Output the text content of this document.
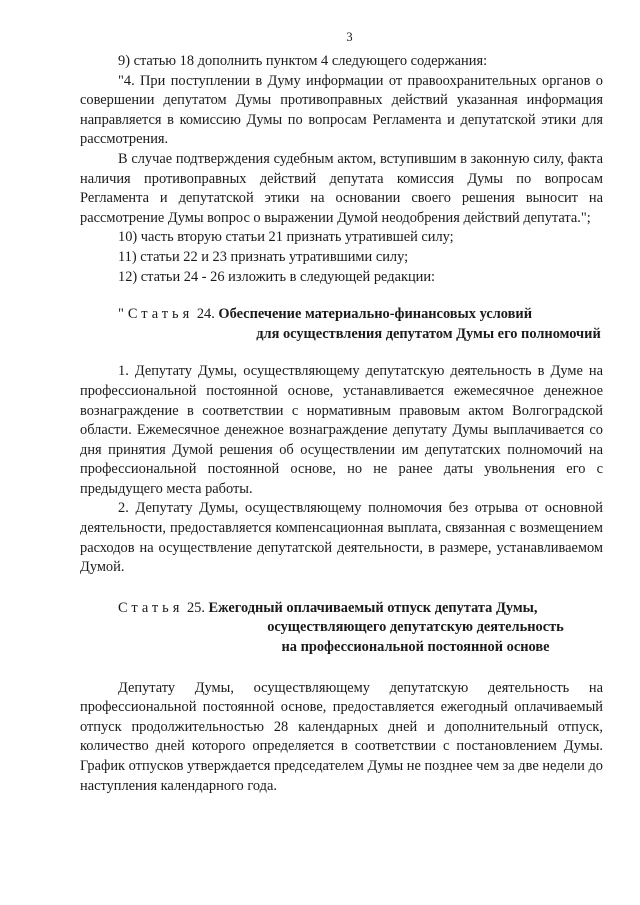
3

9) статью 18 дополнить пунктом 4 следующего содержания:

"4. При поступлении в Думу информации от правоохранительных органов о совершении депутатом Думы противоправных действий указанная информация направляется в комиссию Думы по вопросам Регламента и депутатской этики для рассмотрения.

В случае подтверждения судебным актом, вступившим в законную силу, факта наличия противоправных действий депутата комиссия Думы по вопросам Регламента и депутатской этики на основании своего решения выносит на рассмотрение Думы вопрос о выражении Думой неодобрения действий депутата.";

10) часть вторую статьи 21 признать утратившей силу;

11) статьи 22 и 23 признать утратившими силу;

12) статьи 24 - 26 изложить в следующей редакции:

"Статья 24. Обеспечение материально-финансовых условий
для осуществления депутатом Думы его полномочий

1. Депутату Думы, осуществляющему депутатскую деятельность в Думе на профессиональной постоянной основе, устанавливается ежемесячное денежное вознаграждение в соответствии с нормативным правовым актом Волгоградской области. Ежемесячное денежное вознаграждение депутату Думы выплачивается со дня принятия Думой решения об осуществлении им депутатских полномочий на профессиональной постоянной основе, но не ранее даты увольнения его с предыдущего места работы.

2. Депутату Думы, осуществляющему полномочия без отрыва от основной деятельности, предоставляется компенсационная выплата, связанная с возмещением расходов на осуществление депутатской деятельности, в размере, устанавливаемом Думой.

Статья 25. Ежегодный оплачиваемый отпуск депутата Думы,
осуществляющего депутатскую деятельность
на профессиональной постоянной основе

Депутату Думы, осуществляющему депутатскую деятельность на профессиональной постоянной основе, предоставляется ежегодный оплачиваемый отпуск продолжительностью 28 календарных дней и дополнительный отпуск, количество дней которого определяется в соответствии с постановлением Думы. График отпусков утверждается председателем Думы не позднее чем за две недели до наступления календарного года.
